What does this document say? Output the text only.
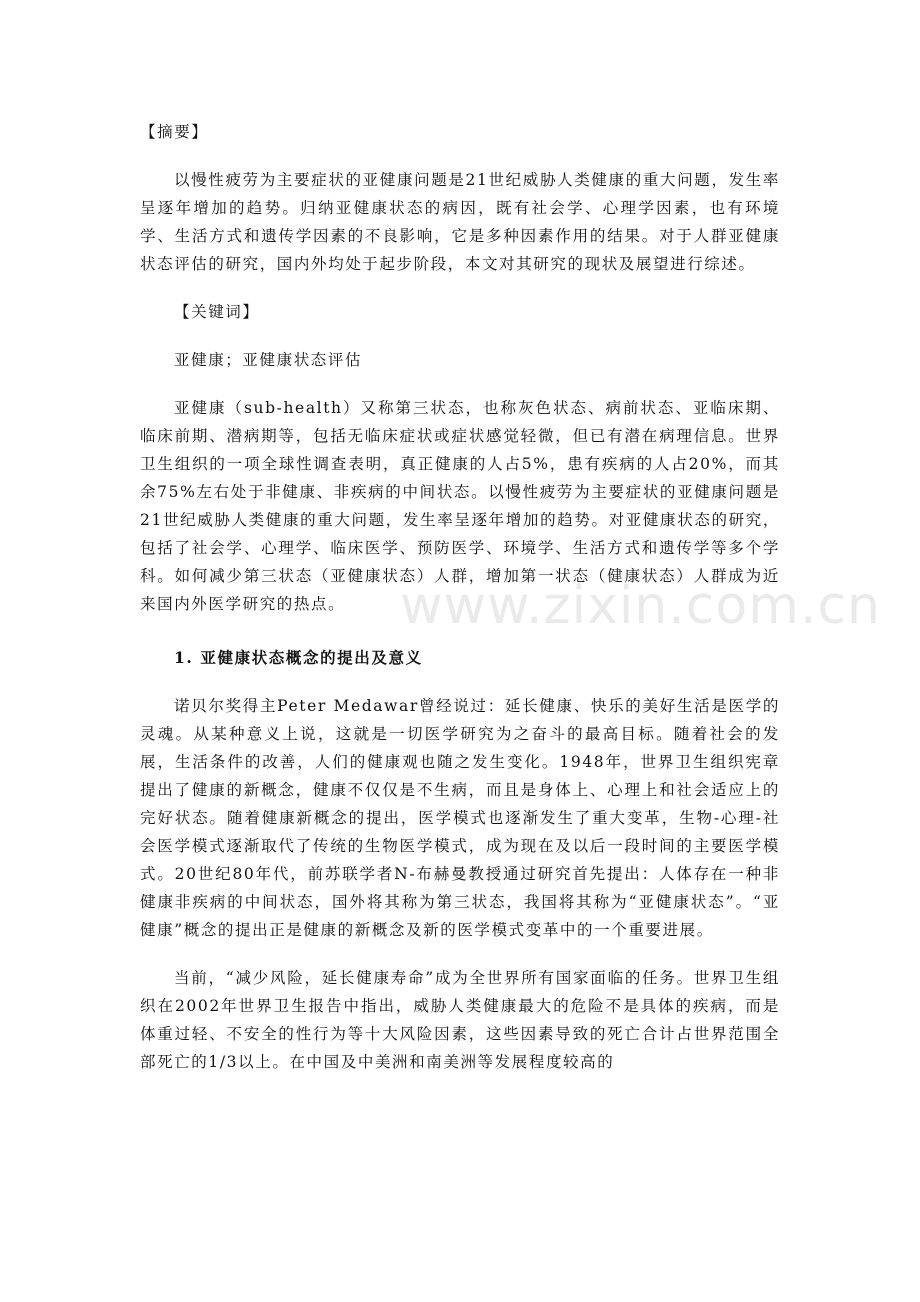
【摘要】

以慢性疲劳为主要症状的亚健康问题是21世纪威胁人类健康的重大问题，发生率呈逐年增加的趋势。归纳亚健康状态的病因，既有社会学、心理学因素，也有环境学、生活方式和遗传学因素的不良影响，它是多种因素作用的结果。对于人群亚健康状态评估的研究，国内外均处于起步阶段，本文对其研究的现状及展望进行综述。

【关键词】

亚健康；亚健康状态评估

亚健康（sub-health）又称第三状态，也称灰色状态、病前状态、亚临床期、临床前期、潜病期等，包括无临床症状或症状感觉轻微，但已有潜在病理信息。世界卫生组织的一项全球性调查表明，真正健康的人占5%，患有疾病的人占20%，而其余75%左右处于非健康、非疾病的中间状态。以慢性疲劳为主要症状的亚健康问题是21世纪威胁人类健康的重大问题，发生率呈逐年增加的趋势。对亚健康状态的研究，包括了社会学、心理学、临床医学、预防医学、环境学、生活方式和遗传学等多个学科。如何减少第三状态（亚健康状态）人群，增加第一状态（健康状态）人群成为近来国内外医学研究的热点。

1. 亚健康状态概念的提出及意义

诺贝尔奖得主Peter Medawar曾经说过：延长健康、快乐的美好生活是医学的灵魂。从某种意义上说，这就是一切医学研究为之奋斗的最高目标。随着社会的发展，生活条件的改善，人们的健康观也随之发生变化。1948年，世界卫生组织宪章提出了健康的新概念，健康不仅仅是不生病，而且是身体上、心理上和社会适应上的完好状态。随着健康新概念的提出，医学模式也逐渐发生了重大变革，生物-心理-社会医学模式逐渐取代了传统的生物医学模式，成为现在及以后一段时间的主要医学模式。20世纪80年代，前苏联学者N-布赫曼教授通过研究首先提出：人体存在一种非健康非疾病的中间状态，国外将其称为第三状态，我国将其称为“亚健康状态”。“亚健康”概念的提出正是健康的新概念及新的医学模式变革中的一个重要进展。

当前，“减少风险，延长健康寿命”成为全世界所有国家面临的任务。世界卫生组织在2002年世界卫生报告中指出，威胁人类健康最大的危险不是具体的疾病，而是体重过轻、不安全的性行为等十大风险因素，这些因素导致的死亡合计占世界范围全部死亡的1/3以上。在中国及中美洲和南美洲等发展程度较高的

www.zixin.com.cn
